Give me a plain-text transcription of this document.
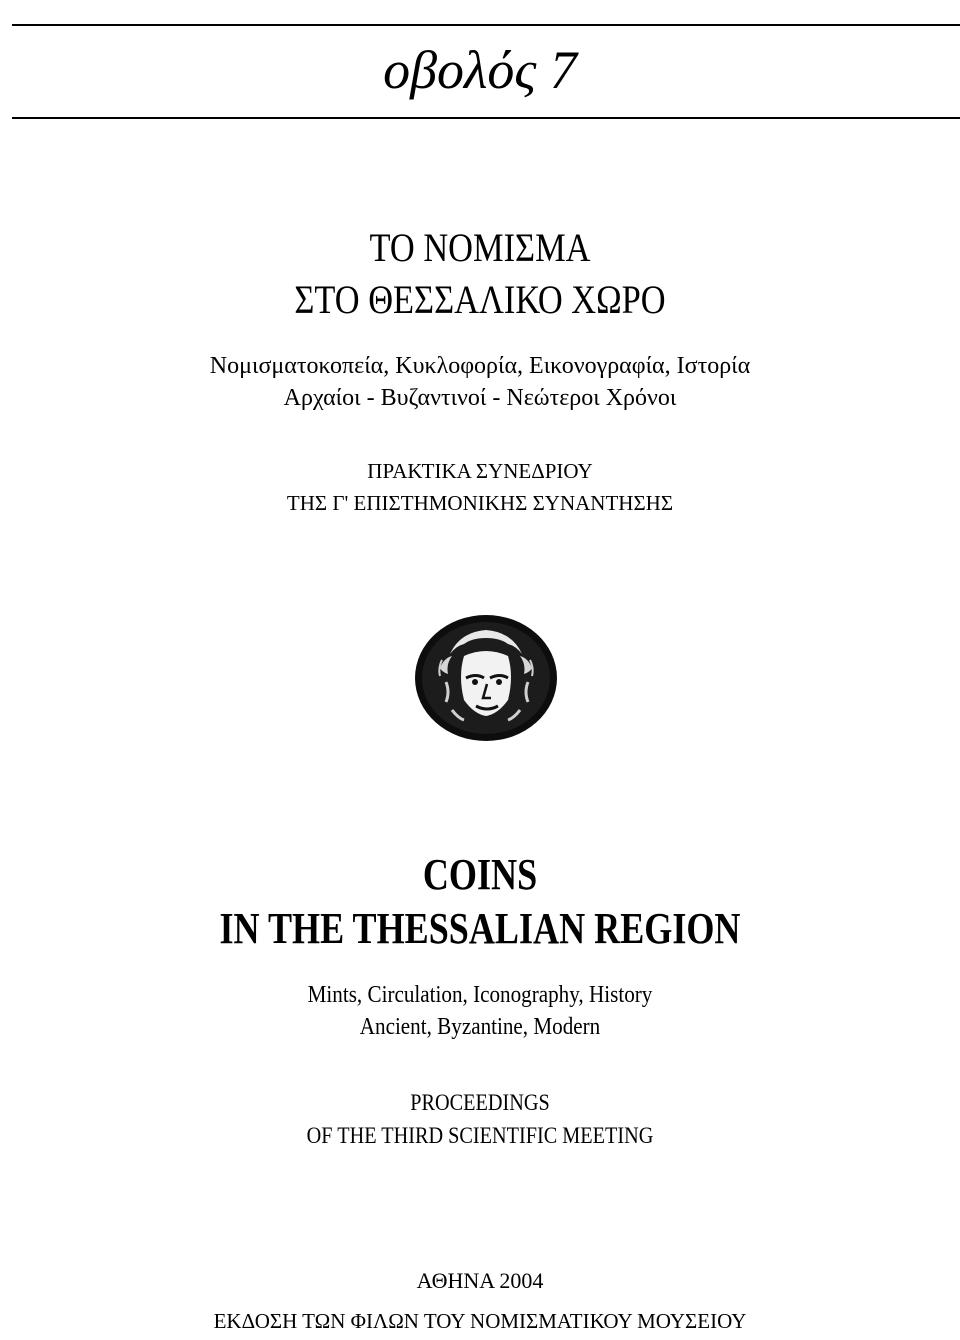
οβολός 7
ΤΟ ΝΟΜΙΣΜΑ
ΣΤΟ ΘΕΣΣΑΛΙΚΟ ΧΩΡΟ
Νομισματοκοπεία, Κυκλοφορία, Εικονογραφία, Ιστορία
Αρχαίοι - Βυζαντινοί - Νεώτεροι Χρόνοι
ΠΡΑΚΤΙΚΑ ΣΥΝΕΔΡΙΟΥ
ΤΗΣ Γ' ΕΠΙΣΤΗΜΟΝΙΚΗΣ ΣΥΝΑΝΤΗΣΗΣ
COINS
IN THE THESSALIAN REGION
Mints, Circulation, Iconography, History
Ancient, Byzantine, Modern
PROCEEDINGS
OF THE THIRD SCIENTIFIC MEETING
ΑΘΗΝΑ 2004
ΕΚΔΟΣΗ ΤΩΝ ΦΙΛΩΝ ΤΟΥ ΝΟΜΙΣΜΑΤΙΚΟΥ ΜΟΥΣΕΙΟΥ
